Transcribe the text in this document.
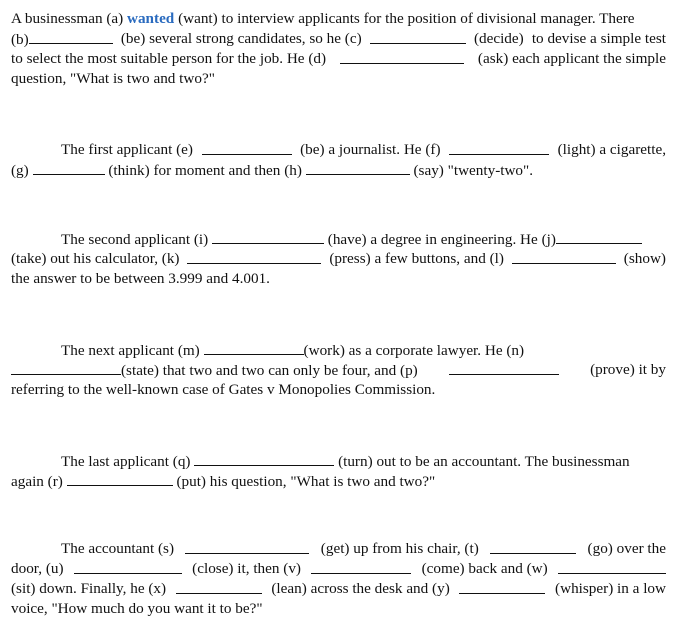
A businessman (a) wanted (want) to interview applicants for the position of divisional manager. There
(b)	(be) several strong candidates, so he (c)	(decide) to devise a simple test
to select the most suitable person for the job. He (d)	(ask) each applicant the simple
question, "What is two and two?"
The first applicant (e)	(be) a journalist. He (f)	(light) a cigarette,
(g)	(think) for moment and then (h)	(say) "twenty-two".
The second applicant (i)	(have) a degree in engineering. He (j)
(take) out his calculator, (k)	(press) a few buttons, and (l)	(show)
the answer to be between 3.999 and 4.001.
The next applicant (m)	(work) as a corporate lawyer. He (n)
(state) that two and two can only be four, and (p)	(prove) it by
referring to the well-known case of Gates v Monopolies Commission.
The last applicant (q)	(turn) out to be an accountant. The businessman
again (r)	(put) his question, "What is two and two?"
The accountant (s)	(get) up from his chair, (t)	(go) over the
door, (u)	(close) it, then (v)	(come) back and (w)
(sit) down. Finally, he (x)	(lean) across the desk and (y)	(whisper) in a low
voice, "How much do you want it to be?"
